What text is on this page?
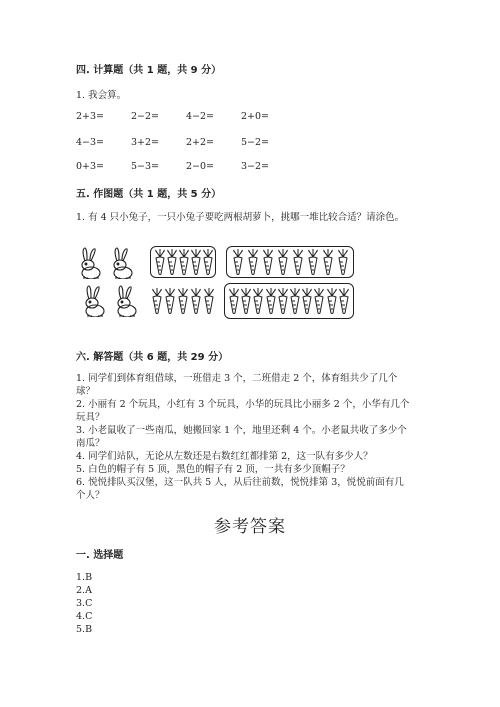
四. 计算题（共 1 题，共 9 分）
1. 我会算。
2+3=	2−2=	4−2=	2+0=
4−3=	3+2=	2+2=	5−2=
0+3=	5−3=	2−0=	3−2=
五. 作图题（共 1 题，共 5 分）
1. 有 4 只小兔子，一只小兔子要吃两根胡萝卜，挑哪一堆比较合适？请涂色。
六. 解答题（共 6 题，共 29 分）
1. 同学们到体育组借球，一班借走 3 个，二班借走 2 个，体育组共少了几个
球？
2. 小丽有 2 个玩具，小红有 3 个玩具，小华的玩具比小丽多 2 个，小华有几个
玩具？
3. 小老鼠收了一些南瓜，她搬回家 1 个，地里还剩 4 个。小老鼠共收了多少个
南瓜？
4. 同学们站队，无论从左数还是右数红红都排第 2，这一队有多少人？
5. 白色的帽子有 5 顶，黑色的帽子有 2 顶，一共有多少顶帽子？
6. 悦悦排队买汉堡，这一队共 5 人，从后往前数，悦悦排第 3，悦悦前面有几
个人？
参考答案
一. 选择题
1.B
2.A
3.C
4.C
5.B
